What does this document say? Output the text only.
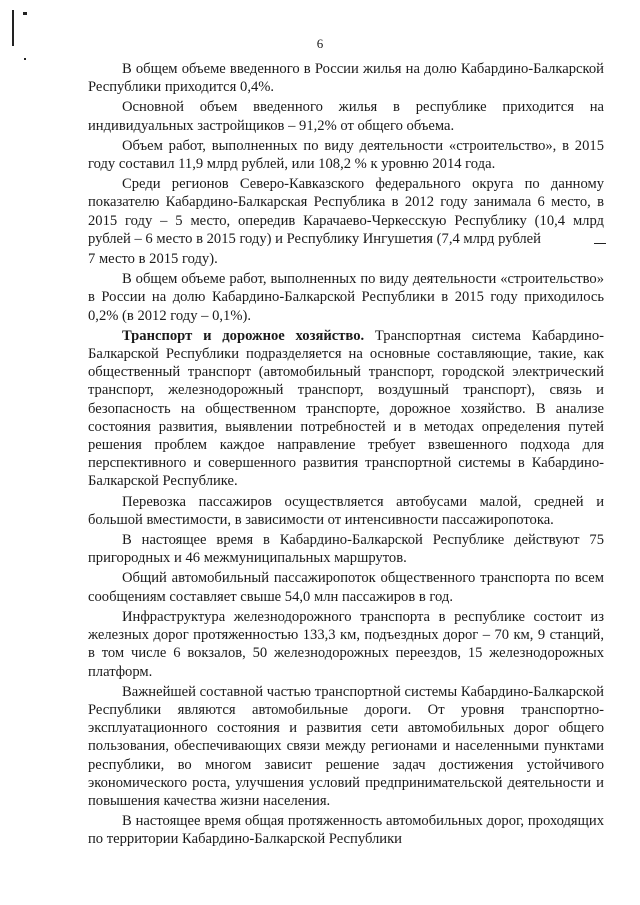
6

В общем объеме введенного в России жилья на долю Кабардино-Балкарской Республики приходится 0,4%.

Основной объем введенного жилья в республике приходится на индивидуальных застройщиков – 91,2% от общего объема.

Объем работ, выполненных по виду деятельности «строительство», в 2015 году составил 11,9 млрд рублей, или 108,2 % к уровню 2014 года.

Среди регионов Северо-Кавказского федерального округа по данному показателю Кабардино-Балкарская Республика в 2012 году занимала 6 место, в 2015 году – 5 место, опередив Карачаево-Черкесскую Республику (10,4 млрд рублей – 6 место в 2015 году) и Республику Ингушетия (7,4 млрд рублей

7 место в 2015 году).

В общем объеме работ, выполненных по виду деятельности «строительство» в России на долю Кабардино-Балкарской Республики в 2015 году приходилось 0,2% (в 2012 году – 0,1%).

Транспорт и дорожное хозяйство. Транспортная система Кабардино-Балкарской Республики подразделяется на основные составляющие, такие, как общественный транспорт (автомобильный транспорт, городской электрический транспорт, железнодорожный транспорт, воздушный транспорт), связь и безопасность на общественном транспорте, дорожное хозяйство. В анализе состояния развития, выявлении потребностей и в методах определения путей решения проблем каждое направление требует взвешенного подхода для перспективного и совершенного развития транспортной системы в Кабардино-Балкарской Республике.

Перевозка пассажиров осуществляется автобусами малой, средней и большой вместимости, в зависимости от интенсивности пассажиропотока.

В настоящее время в Кабардино-Балкарской Республике действуют 75 пригородных и 46 межмуниципальных маршрутов.

Общий автомобильный пассажиропоток общественного транспорта по всем сообщениям составляет свыше 54,0 млн пассажиров в год.

Инфраструктура железнодорожного транспорта в республике состоит из железных дорог протяженностью 133,3 км, подъездных дорог – 70 км, 9 станций, в том числе 6 вокзалов, 50 железнодорожных переездов, 15 железнодорожных платформ.

Важнейшей составной частью транспортной системы Кабардино-Балкарской Республики являются автомобильные дороги. От уровня транспортно-эксплуатационного состояния и развития сети автомобильных дорог общего пользования, обеспечивающих связи между регионами и населенными пунктами республики, во многом зависит решение задач достижения устойчивого экономического роста, улучшения условий предпринимательской деятельности и повышения качества жизни населения.

В настоящее время общая протяженность автомобильных дорог, проходящих по территории Кабардино-Балкарской Республики
